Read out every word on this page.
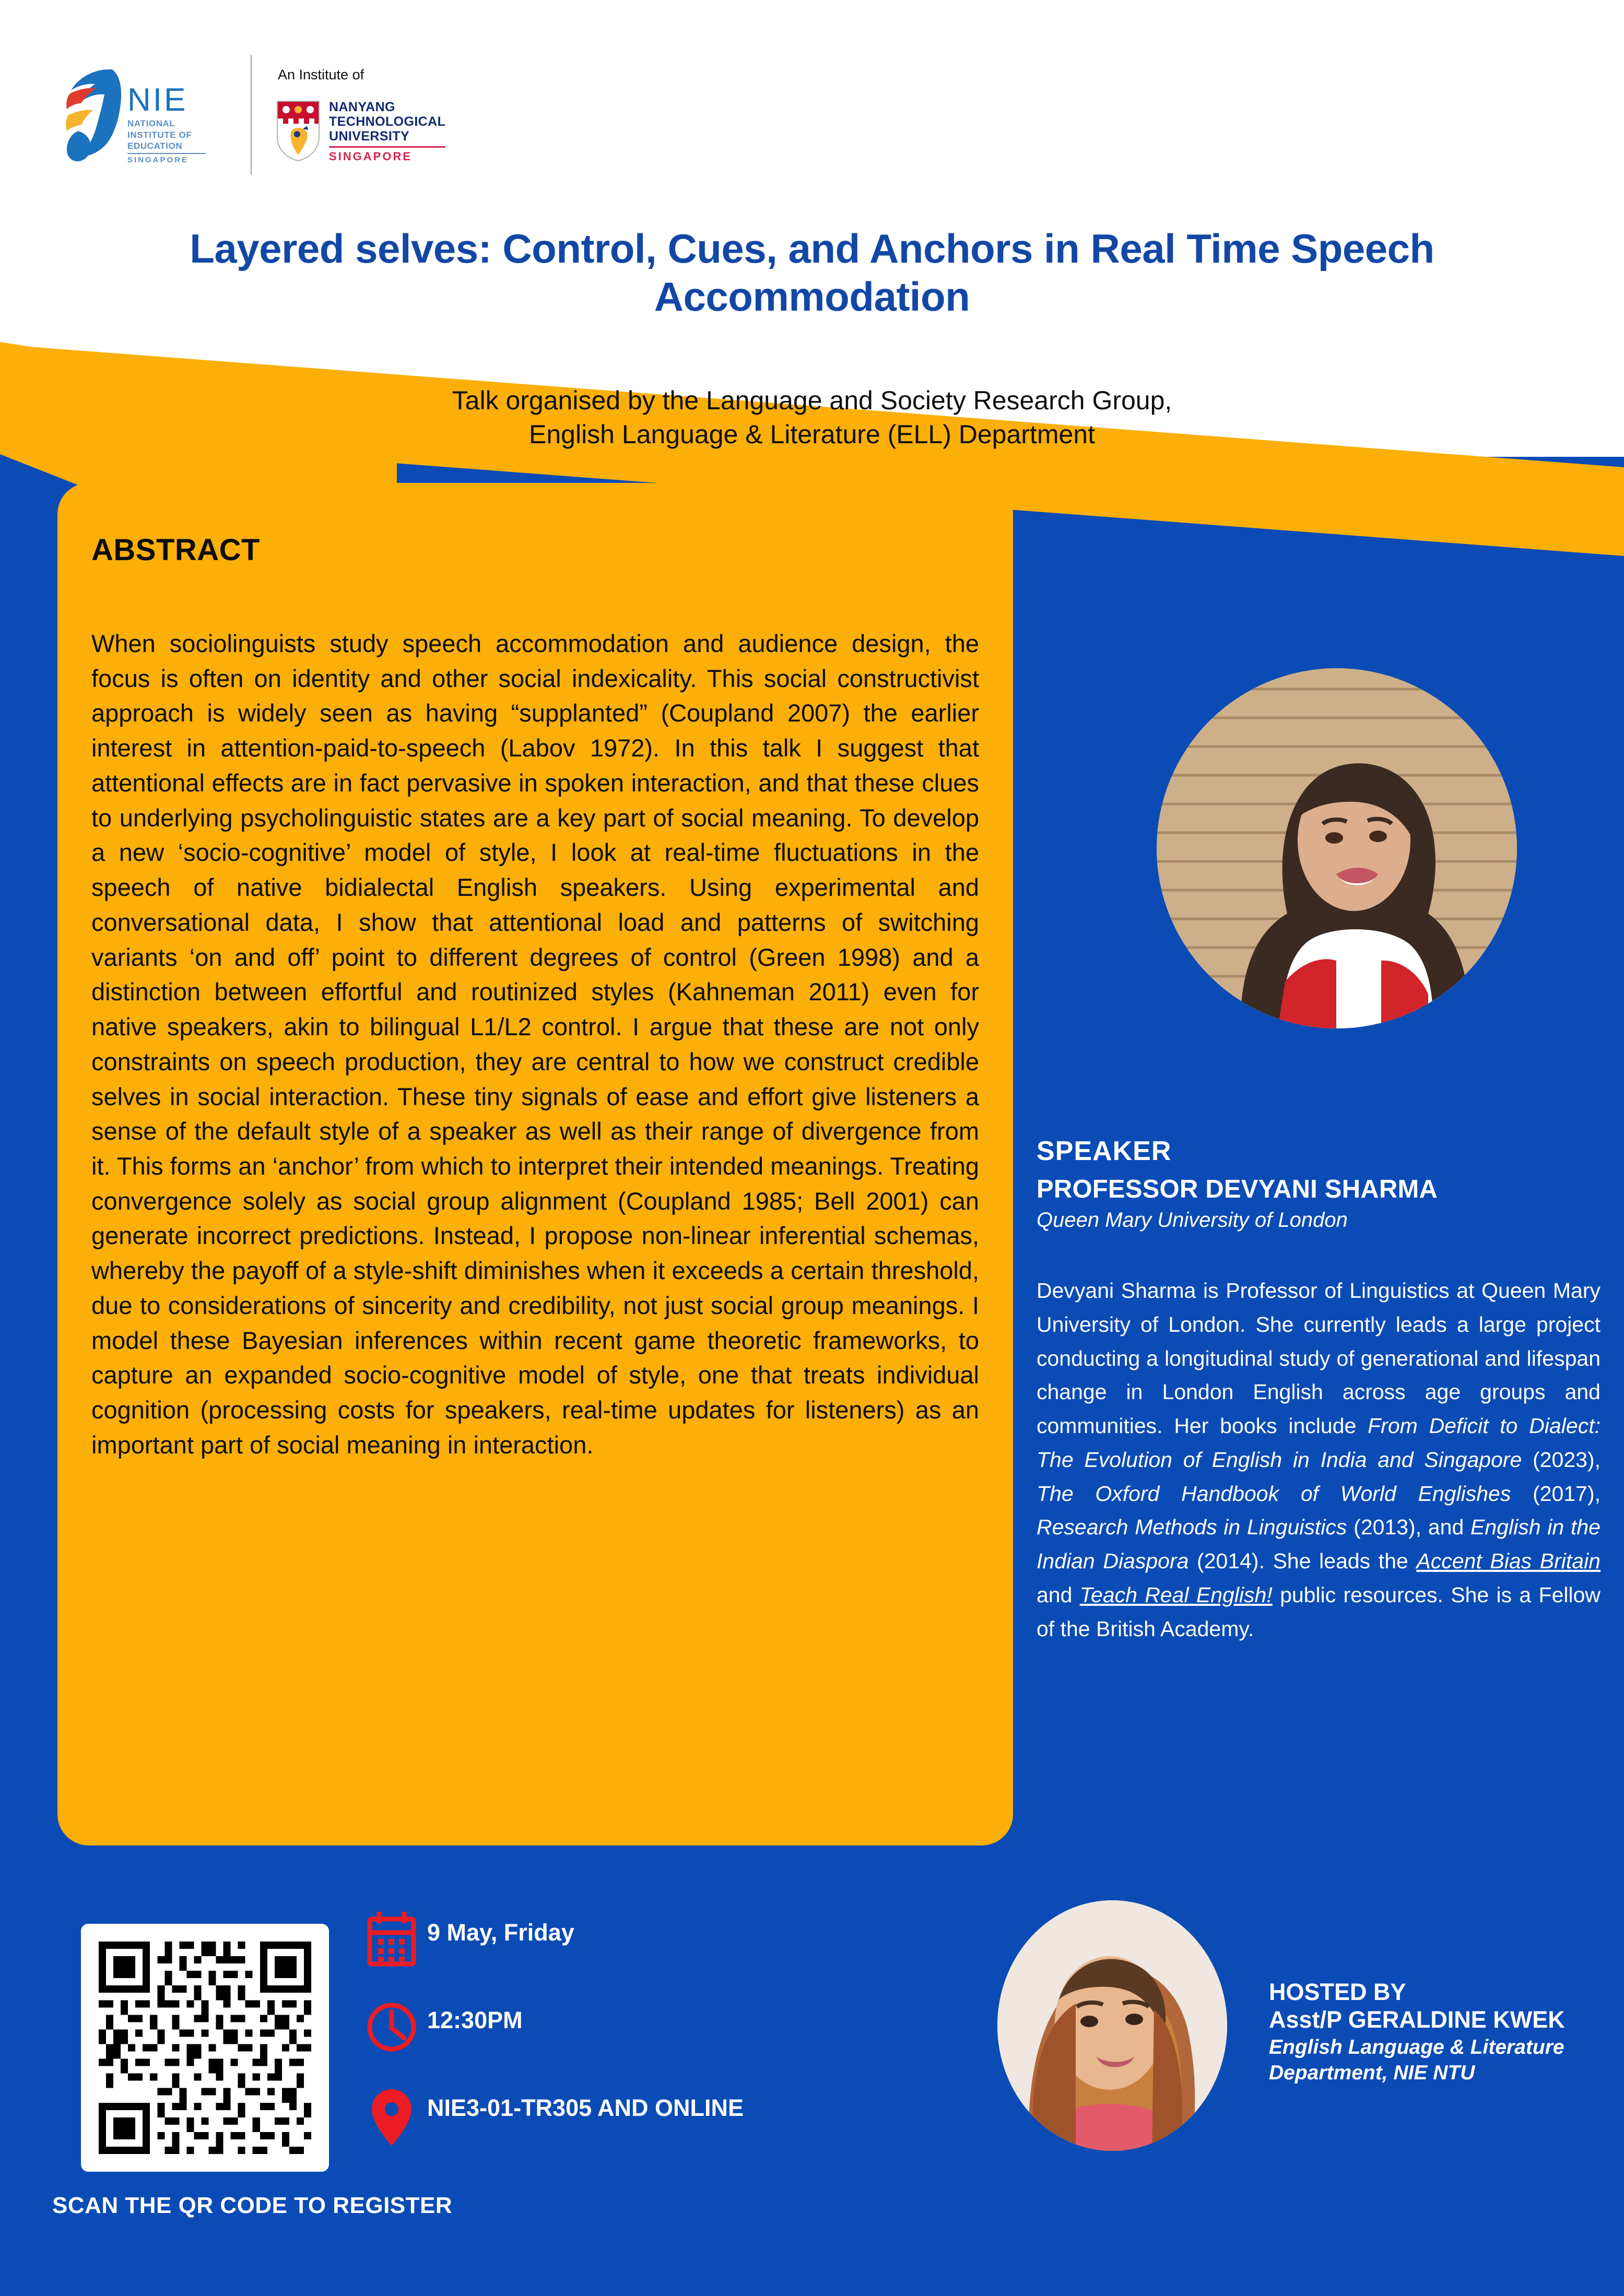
NIE
NATIONAL
INSTITUTE OF
EDUCATION
SINGAPORE
An Institute of
NANYANG
TECHNOLOGICAL
UNIVERSITY
SINGAPORE
Layered selves: Control, Cues, and Anchors in Real Time Speech Accommodation
Talk organised by the Language and Society Research Group,
English Language & Literature (ELL) Department
ABSTRACT
When sociolinguists study speech accommodation and audience design, the focus is often on identity and other social indexicality. This social constructivist approach is widely seen as having “supplanted” (Coupland 2007) the earlier interest in attention-paid-to-speech (Labov 1972). In this talk I suggest that attentional effects are in fact pervasive in spoken interaction, and that these clues to underlying psycholinguistic states are a key part of social meaning. To develop a new ‘socio-cognitive’ model of style, I look at real-time fluctuations in the speech of native bidialectal English speakers. Using experimental and conversational data, I show that attentional load and patterns of switching variants ‘on and off’ point to different degrees of control (Green 1998) and a distinction between effortful and routinized styles (Kahneman 2011) even for native speakers, akin to bilingual L1/L2 control. I argue that these are not only constraints on speech production, they are central to how we construct credible selves in social interaction. These tiny signals of ease and effort give listeners a sense of the default style of a speaker as well as their range of divergence from it. This forms an ‘anchor’ from which to interpret their intended meanings. Treating convergence solely as social group alignment (Coupland 1985; Bell 2001) can generate incorrect predictions. Instead, I propose non-linear inferential schemas, whereby the payoff of a style-shift diminishes when it exceeds a certain threshold, due to considerations of sincerity and credibility, not just social group meanings. I model these Bayesian inferences within recent game theoretic frameworks, to capture an expanded socio-cognitive model of style, one that treats individual cognition (processing costs for speakers, real-time updates for listeners) as an important part of social meaning in interaction.
SPEAKER
PROFESSOR DEVYANI SHARMA
Queen Mary University of London
Devyani Sharma is Professor of Linguistics at Queen Mary University of London. She currently leads a large project conducting a longitudinal study of generational and lifespan change in London English across age groups and communities. Her books include From Deficit to Dialect: The Evolution of English in India and Singapore (2023), The Oxford Handbook of World Englishes (2017), Research Methods in Linguistics (2013), and English in the Indian Diaspora (2014). She leads the Accent Bias Britain and Teach Real English! public resources. She is a Fellow of the British Academy.
SCAN THE QR CODE TO REGISTER
9 May, Friday
12:30PM
NIE3-01-TR305 AND ONLINE
HOSTED BY
Asst/P GERALDINE KWEK
English Language & Literature
Department, NIE NTU
